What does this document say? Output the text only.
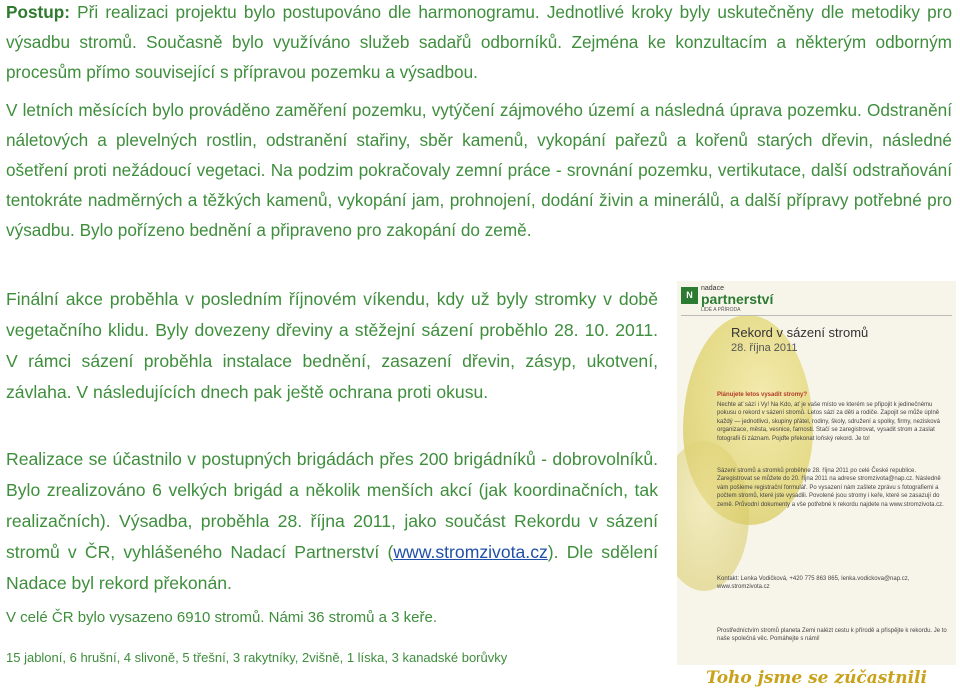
Postup: Při realizaci projektu bylo postupováno dle harmonogramu. Jednotlivé kroky byly uskutečněny dle metodiky pro výsadbu stromů. Současně bylo využíváno služeb sadařů odborníků. Zejména ke konzultacím a některým odborným procesům přímo související s přípravou pozemku a výsadbou.

V letních měsících bylo prováděno zaměření pozemku, vytýčení zájmového území a následná úprava pozemku. Odstranění náletových a plevelných rostlin, odstranění stařiny, sběr kamenů, vykopání pařezů a kořenů starých dřevin, následné ošetření proti nežádoucí vegetaci. Na podzim pokračovaly zemní práce - srovnání pozemku, vertikutace, další odstraňování tentokráte nadměrných a těžkých kamenů, vykopání jam, prohnojení, dodání živin a minerálů, a další přípravy potřebné pro výsadbu. Bylo pořízeno bednění a připraveno pro zakopání do země.

Finální akce proběhla v posledním říjnovém víkendu, kdy už byly stromky v době vegetačního klidu. Byly dovezeny dřeviny a stěžejní sázení proběhlo 28. 10. 2011. V rámci sázení proběhla instalace bednění, zasazení dřevin, zásyp, ukotvení, závlaha. V následujících dnech pak ještě ochrana proti okusu.

Realizace se účastnilo v postupných brigádách přes 200 brigádníků - dobrovolníků. Bylo zrealizováno 6 velkých brigád a několik menších akcí (jak koordinačních, tak realizačních). Výsadba, proběhla 28. října 2011, jako součást Rekordu v sázení stromů v ČR, vyhlášeného Nadací Partnerství (www.stromzivota.cz). Dle sdělení Nadace byl rekord překonán.

V celé ČR bylo vysazeno 6910 stromů. Námi 36 stromů a 3 keře.

15 jabloní, 6 hrušní, 4 slivoně, 5 třešní, 3 rakytníky, 2višně, 1 líska, 3 kanadské borůvky

N
nadace
partnerství
LIDÉ A PŘÍRODA
Rekord v sázení stromů
28. října 2011
Plánujete letos vysadit stromy?
Nechte ať sází i Vy! Na Kdo, ať je vaše místo ve kterém se připojit k jedinečnému pokusu o rekord v sázení stromů. Letos sází za děti a rodiče. Zapojit se může úplně každý — jednotlivci, skupiny přátel, rodiny, školy, sdružení a spolky, firmy, nezisková organizace, města, vesnice, farnosti. Stačí se zaregistrovat, vysadit strom a zaslat fotografii či záznam. Pojďte překonat loňský rekord. Je to!
Sázení stromů a stromků proběhne 28. října 2011 po celé České republice. Zaregistrovat se můžete do 20. října 2011 na adrese stromzivota@nap.cz. Následně vám pošleme registrační formulář. Po vysazení nám zašlete zprávu s fotografiemi a počtem stromů, které jste vysadili. Povolené jsou stromy i keře, které se zasazují do země. Průvodní dokumenty a vše potřebné k rekordu najdete na www.stromzivota.cz.
Kontakt: Lenka Vodičková, +420 775 863 865, lenka.vodickova@nap.cz, www.stromzivota.cz
Prostředníctvím stromů planeta Zemi nalézt cestu k přírodě a přispějte k rekordu. Je to naše společná věc. Pomáhejte s námi!
Toho jsme se zúčastnili
